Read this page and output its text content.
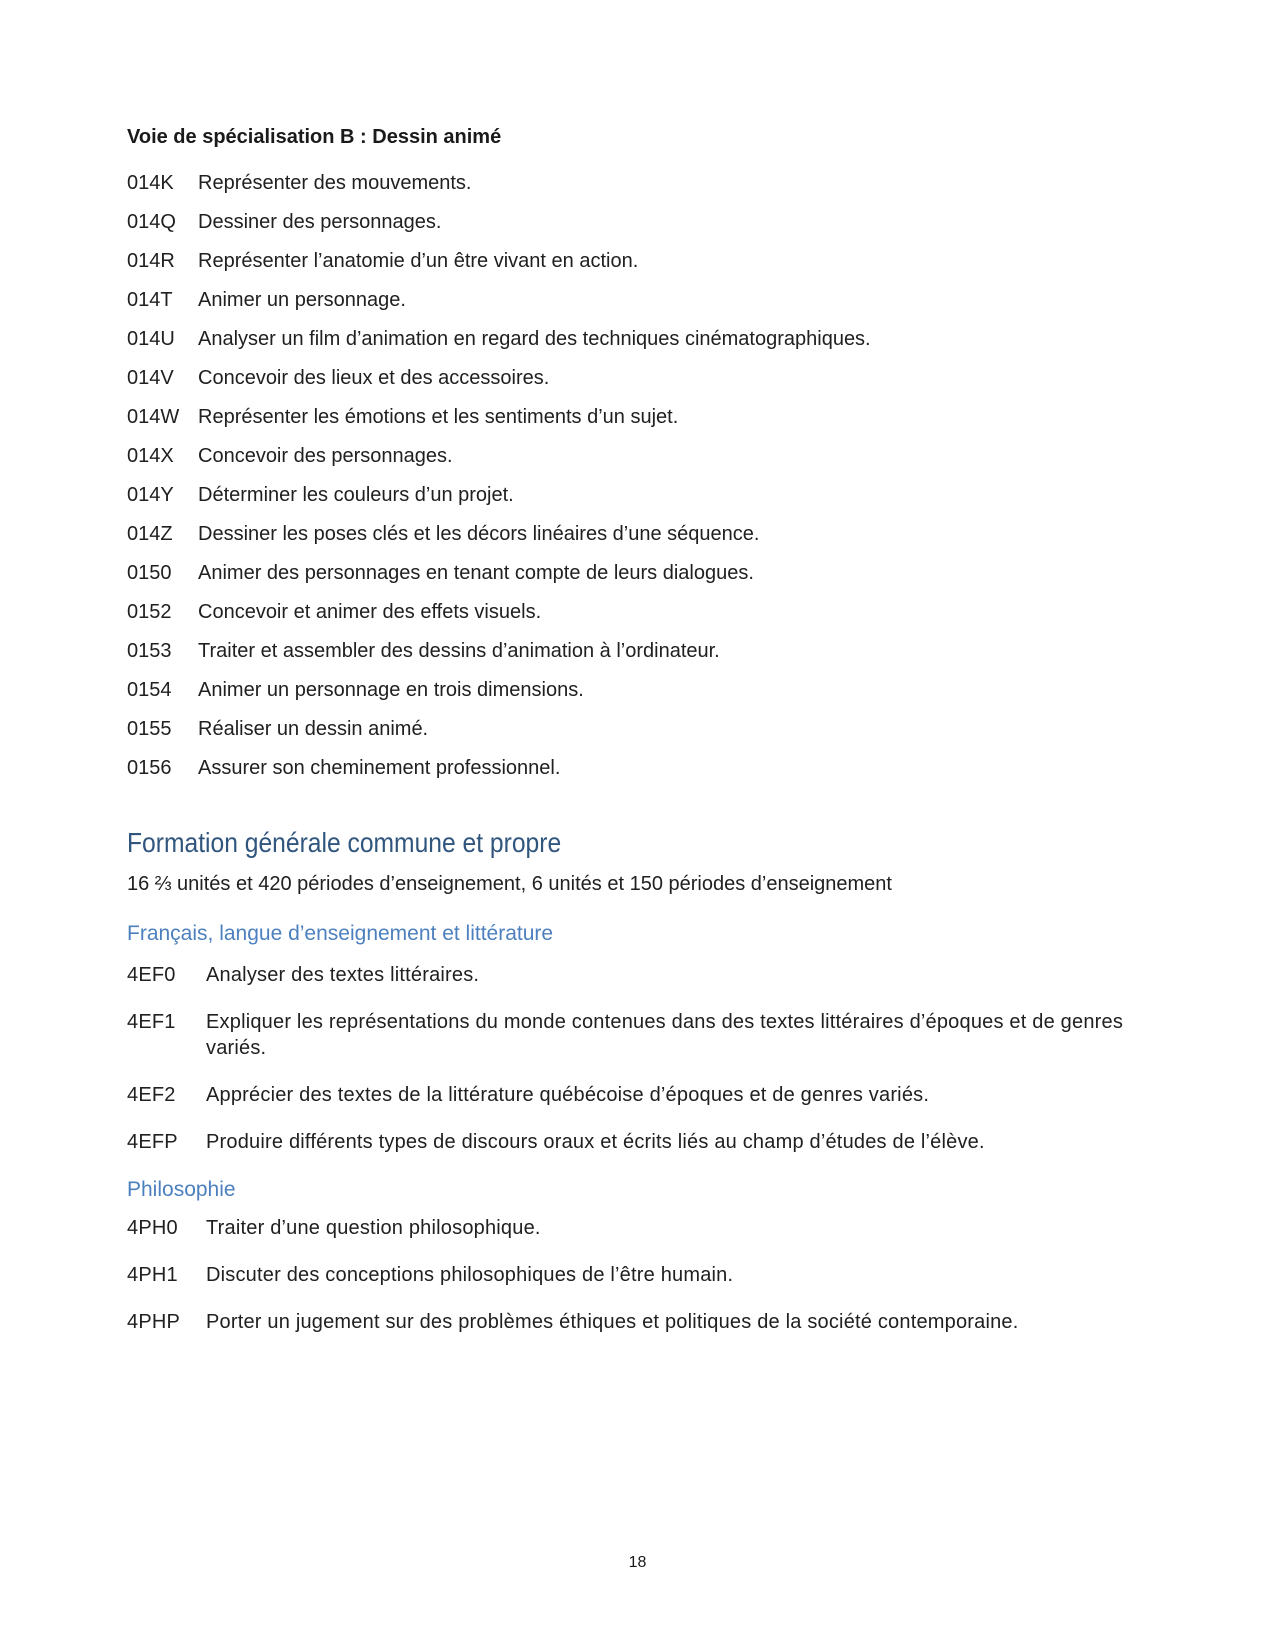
Voie de spécialisation B : Dessin animé
014K	Représenter des mouvements.
014Q	Dessiner des personnages.
014R	Représenter l’anatomie d’un être vivant en action.
014T	Animer un personnage.
014U	Analyser un film d’animation en regard des techniques cinématographiques.
014V	Concevoir des lieux et des accessoires.
014W Représenter les émotions et les sentiments d’un sujet.
014X	Concevoir des personnages.
014Y	Déterminer les couleurs d’un projet.
014Z	Dessiner les poses clés et les décors linéaires d’une séquence.
0150	Animer des personnages en tenant compte de leurs dialogues.
0152	Concevoir et animer des effets visuels.
0153	Traiter et assembler des dessins d’animation à l’ordinateur.
0154	Animer un personnage en trois dimensions.
0155	Réaliser un dessin animé.
0156	Assurer son cheminement professionnel.
Formation générale commune et propre

16 ⅔ unités et 420 périodes d’enseignement, 6 unités et 150 périodes d’enseignement

Français, langue d’enseignement et littérature
4EF0	Analyser des textes littéraires.
4EF1	Expliquer les représentations du monde contenues dans des textes littéraires d’époques et de genres variés.
4EF2	Apprécier des textes de la littérature québécoise d’époques et de genres variés.
4EFP	Produire différents types de discours oraux et écrits liés au champ d’études de l’élève.
Philosophie
4PH0	Traiter d’une question philosophique.
4PH1	Discuter des conceptions philosophiques de l’être humain.
4PHP	Porter un jugement sur des problèmes éthiques et politiques de la société contemporaine.
18
